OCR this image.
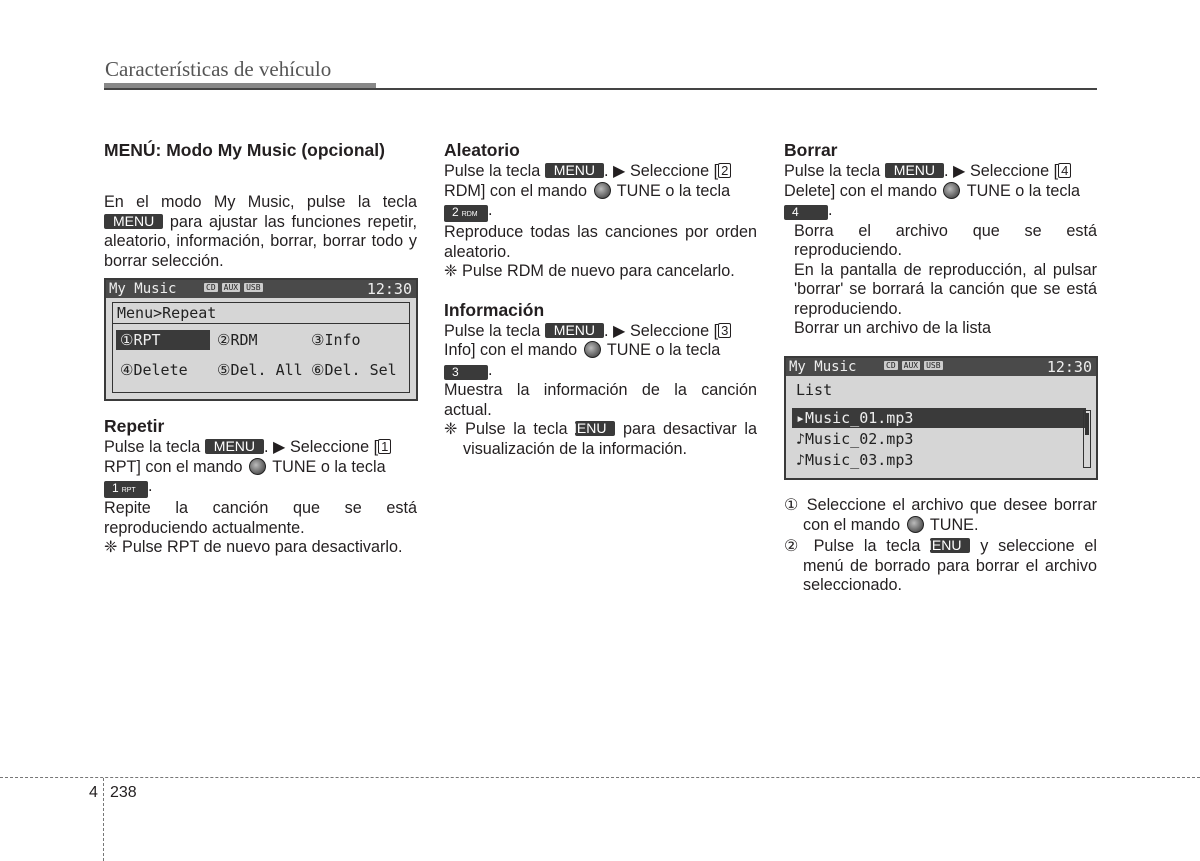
Características de vehículo
MENÚ: Modo My Music (opcional)

En el modo My Music, pulse la tecla MENU para ajustar las funciones repetir, aleatorio, información, borrar, borrar todo y borrar selección.

My Music	CD AUX USB	12:30
Menu>Repeat
①RPT	②RDM	③Info
④Delete ⑤Del. All ⑥Del. Sel
Repetir

Pulse la tecla MENU . ▶ Seleccione [ 1
RPT] con el mando  TUNE o la tecla
1 RPT .

Repite la canción que se está reproduciendo actualmente.

❈ Pulse RPT de nuevo para desactivarlo.

Aleatorio

Pulse la tecla MENU . ▶ Seleccione [ 2
RDM] con el mando  TUNE o la tecla
2 RDM .

Reproduce todas las canciones por orden aleatorio.

❈ Pulse RDM de nuevo para cancelarlo.

Información

Pulse la tecla MENU . ▶ Seleccione [ 3
Info] con el mando  TUNE o la tecla
3 .

Muestra la información de la canción actual.

❈ Pulse la tecla MENU para desactivar la visualización de la información.

Borrar

Pulse la tecla MENU . ▶ Seleccione [ 4
Delete] con el mando  TUNE o la tecla
4 .

Borra el archivo que se está reproduciendo.

En la pantalla de reproducción, al pulsar 'borrar' se borrará la canción que se está reproduciendo.

Borrar un archivo de la lista

My Music	CD AUX USB	12:30
List
▸Music_01.mp3
♪Music_02.mp3
♪Music_03.mp3

① Seleccione el archivo que desee borrar con el mando  TUNE.

② Pulse la tecla MENU y seleccione el menú de borrado para borrar el archivo seleccionado.

4 238
